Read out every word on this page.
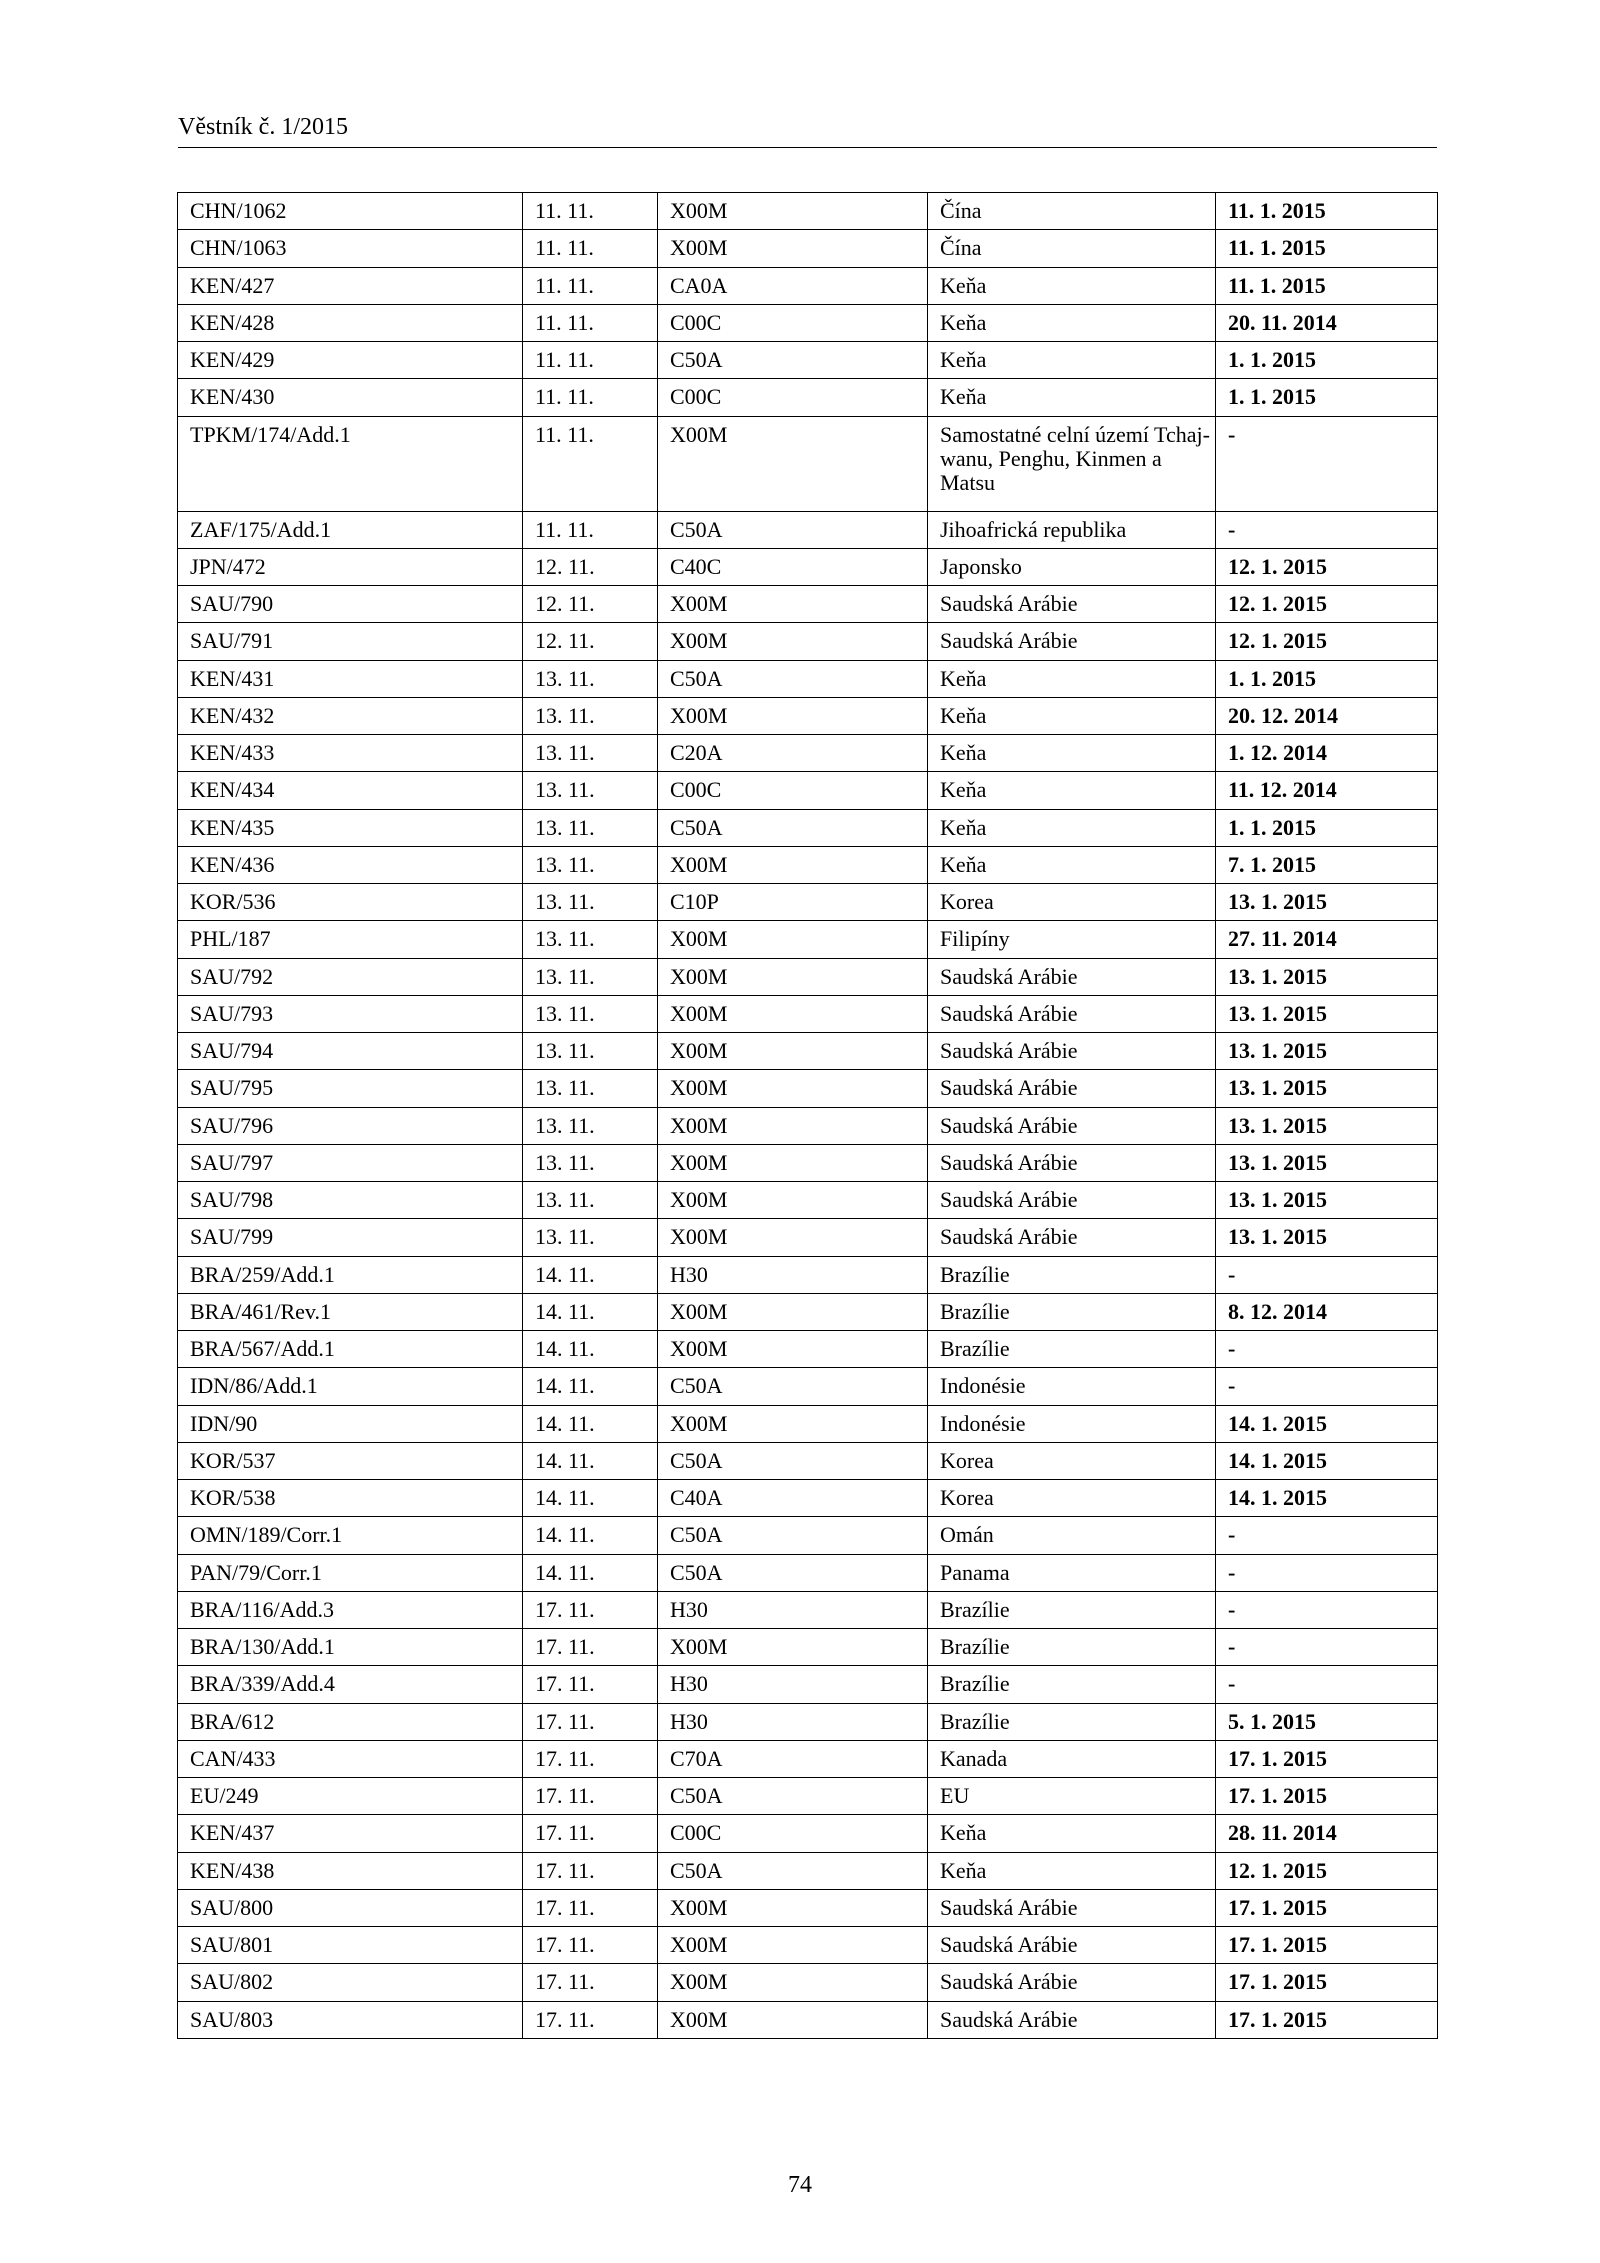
Věstník č. 1/2015
CHN/1062	11. 11.	X00M	Čína	11. 1. 2015
CHN/1063	11. 11.	X00M	Čína	11. 1. 2015
KEN/427	11. 11.	CA0A	Keňa	11. 1. 2015
KEN/428	11. 11.	C00C	Keňa	20. 11. 2014
KEN/429	11. 11.	C50A	Keňa	1. 1. 2015
KEN/430	11. 11.	C00C	Keňa	1. 1. 2015
TPKM/174/Add.1	11. 11.	X00M	Samostatné celní území Tchaj-wanu, Penghu, Kinmen a Matsu	-
ZAF/175/Add.1	11. 11.	C50A	Jihoafrická republika	-
JPN/472	12. 11.	C40C	Japonsko	12. 1. 2015
SAU/790	12. 11.	X00M	Saudská Arábie	12. 1. 2015
SAU/791	12. 11.	X00M	Saudská Arábie	12. 1. 2015
KEN/431	13. 11.	C50A	Keňa	1. 1. 2015
KEN/432	13. 11.	X00M	Keňa	20. 12. 2014
KEN/433	13. 11.	C20A	Keňa	1. 12. 2014
KEN/434	13. 11.	C00C	Keňa	11. 12. 2014
KEN/435	13. 11.	C50A	Keňa	1. 1. 2015
KEN/436	13. 11.	X00M	Keňa	7. 1. 2015
KOR/536	13. 11.	C10P	Korea	13. 1. 2015
PHL/187	13. 11.	X00M	Filipíny	27. 11. 2014
SAU/792	13. 11.	X00M	Saudská Arábie	13. 1. 2015
SAU/793	13. 11.	X00M	Saudská Arábie	13. 1. 2015
SAU/794	13. 11.	X00M	Saudská Arábie	13. 1. 2015
SAU/795	13. 11.	X00M	Saudská Arábie	13. 1. 2015
SAU/796	13. 11.	X00M	Saudská Arábie	13. 1. 2015
SAU/797	13. 11.	X00M	Saudská Arábie	13. 1. 2015
SAU/798	13. 11.	X00M	Saudská Arábie	13. 1. 2015
SAU/799	13. 11.	X00M	Saudská Arábie	13. 1. 2015
BRA/259/Add.1	14. 11.	H30	Brazílie	-
BRA/461/Rev.1	14. 11.	X00M	Brazílie	8. 12. 2014
BRA/567/Add.1	14. 11.	X00M	Brazílie	-
IDN/86/Add.1	14. 11.	C50A	Indonésie	-
IDN/90	14. 11.	X00M	Indonésie	14. 1. 2015
KOR/537	14. 11.	C50A	Korea	14. 1. 2015
KOR/538	14. 11.	C40A	Korea	14. 1. 2015
OMN/189/Corr.1	14. 11.	C50A	Omán	-
PAN/79/Corr.1	14. 11.	C50A	Panama	-
BRA/116/Add.3	17. 11.	H30	Brazílie	-
BRA/130/Add.1	17. 11.	X00M	Brazílie	-
BRA/339/Add.4	17. 11.	H30	Brazílie	-
BRA/612	17. 11.	H30	Brazílie	5. 1. 2015
CAN/433	17. 11.	C70A	Kanada	17. 1. 2015
EU/249	17. 11.	C50A	EU	17. 1. 2015
KEN/437	17. 11.	C00C	Keňa	28. 11. 2014
KEN/438	17. 11.	C50A	Keňa	12. 1. 2015
SAU/800	17. 11.	X00M	Saudská Arábie	17. 1. 2015
SAU/801	17. 11.	X00M	Saudská Arábie	17. 1. 2015
SAU/802	17. 11.	X00M	Saudská Arábie	17. 1. 2015
SAU/803	17. 11.	X00M	Saudská Arábie	17. 1. 2015
74
